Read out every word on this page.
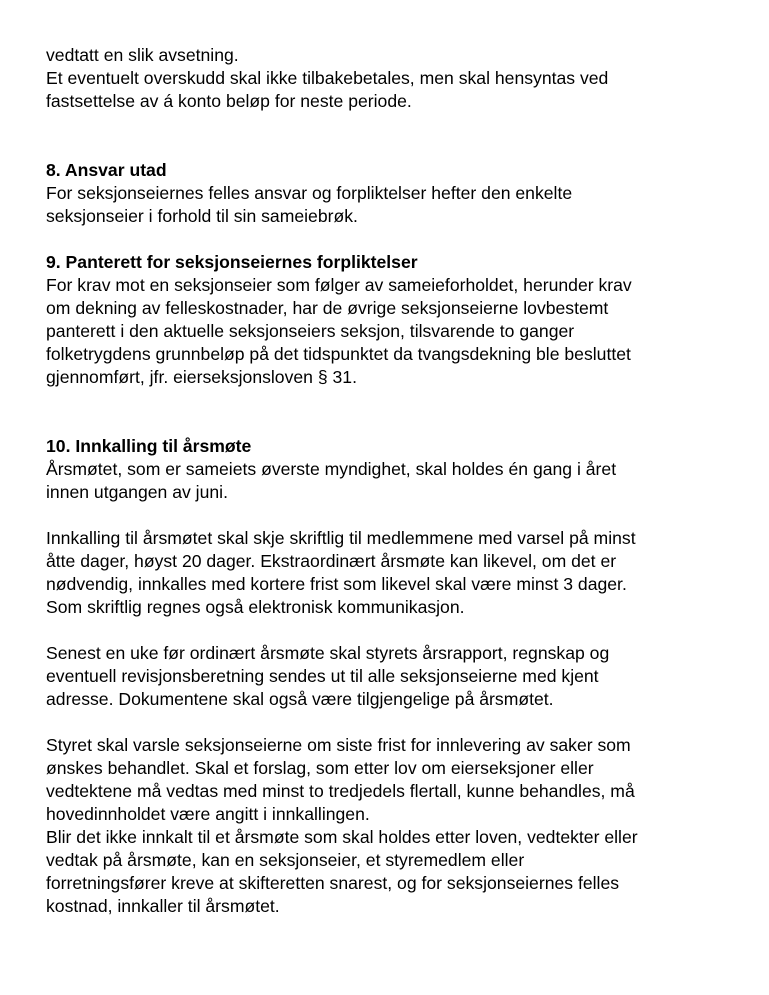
vedtatt en slik avsetning.
Et eventuelt overskudd skal ikke tilbakebetales, men skal hensyntas ved
fastsettelse av á konto beløp for neste periode.
8. Ansvar utad
For seksjonseiernes felles ansvar og forpliktelser hefter den enkelte
seksjonseier i forhold til sin sameiebrøk.
9. Panterett for seksjonseiernes forpliktelser
For krav mot en seksjonseier som følger av sameieforholdet, herunder krav
om dekning av felleskostnader, har de øvrige seksjonseierne lovbestemt
panterett i den aktuelle seksjonseiers seksjon, tilsvarende to ganger
folketrygdens grunnbeløp på det tidspunktet da tvangsdekning ble besluttet
gjennomført, jfr. eierseksjonsloven § 31.
10. Innkalling til årsmøte
Årsmøtet, som er sameiets øverste myndighet, skal holdes én gang i året
innen utgangen av juni.
Innkalling til årsmøtet skal skje skriftlig til medlemmene med varsel på minst
åtte dager, høyst 20 dager. Ekstraordinært årsmøte kan likevel, om det er
nødvendig, innkalles med kortere frist som likevel skal være minst 3 dager.
Som skriftlig regnes også elektronisk kommunikasjon.
Senest en uke før ordinært årsmøte skal styrets årsrapport, regnskap og
eventuell revisjonsberetning sendes ut til alle seksjonseierne med kjent
adresse. Dokumentene skal også være tilgjengelige på årsmøtet.
Styret skal varsle seksjonseierne om siste frist for innlevering av saker som
ønskes behandlet. Skal et forslag, som etter lov om eierseksjoner eller
vedtektene må vedtas med minst to tredjedels flertall, kunne behandles, må
hovedinnholdet være angitt i innkallingen.
Blir det ikke innkalt til et årsmøte som skal holdes etter loven, vedtekter eller
vedtak på årsmøte, kan en seksjonseier, et styremedlem eller
forretningsfører kreve at skifteretten snarest, og for seksjonseiernes felles
kostnad, innkaller til årsmøtet.
